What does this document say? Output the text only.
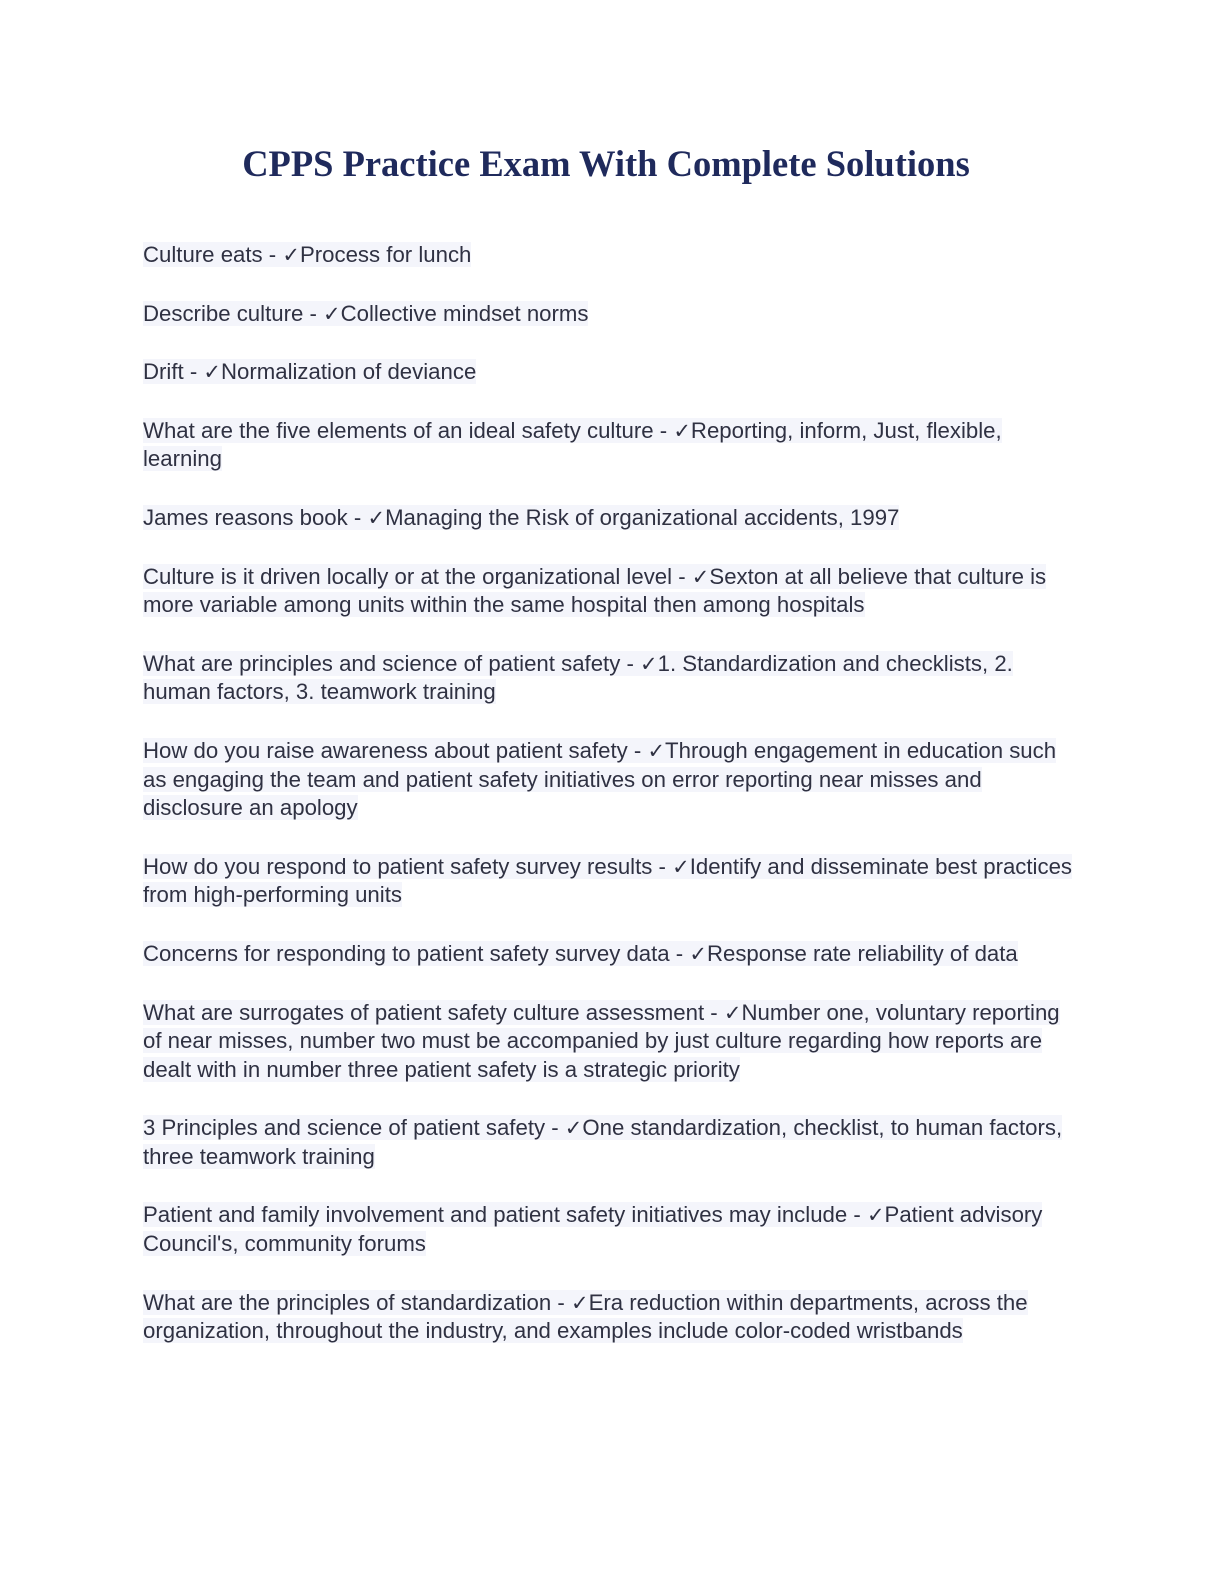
CPPS Practice Exam With Complete Solutions

Culture eats - ✓Process for lunch

Describe culture - ✓Collective mindset norms

Drift - ✓Normalization of deviance

What are the five elements of an ideal safety culture - ✓Reporting, inform, Just, flexible, learning

James reasons book - ✓Managing the Risk of organizational accidents, 1997

Culture is it driven locally or at the organizational level - ✓Sexton at all believe that culture is more variable among units within the same hospital then among hospitals

What are principles and science of patient safety - ✓1. Standardization and checklists, 2. human factors, 3. teamwork training

How do you raise awareness about patient safety - ✓Through engagement in education such as engaging the team and patient safety initiatives on error reporting near misses and disclosure an apology

How do you respond to patient safety survey results - ✓Identify and disseminate best practices from high-performing units

Concerns for responding to patient safety survey data - ✓Response rate reliability of data

What are surrogates of patient safety culture assessment - ✓Number one, voluntary reporting of near misses, number two must be accompanied by just culture regarding how reports are dealt with in number three patient safety is a strategic priority

3 Principles and science of patient safety - ✓One standardization, checklist, to human factors, three teamwork training

Patient and family involvement and patient safety initiatives may include - ✓Patient advisory Council's, community forums

What are the principles of standardization - ✓Era reduction within departments, across the organization, throughout the industry, and examples include color-coded wristbands
